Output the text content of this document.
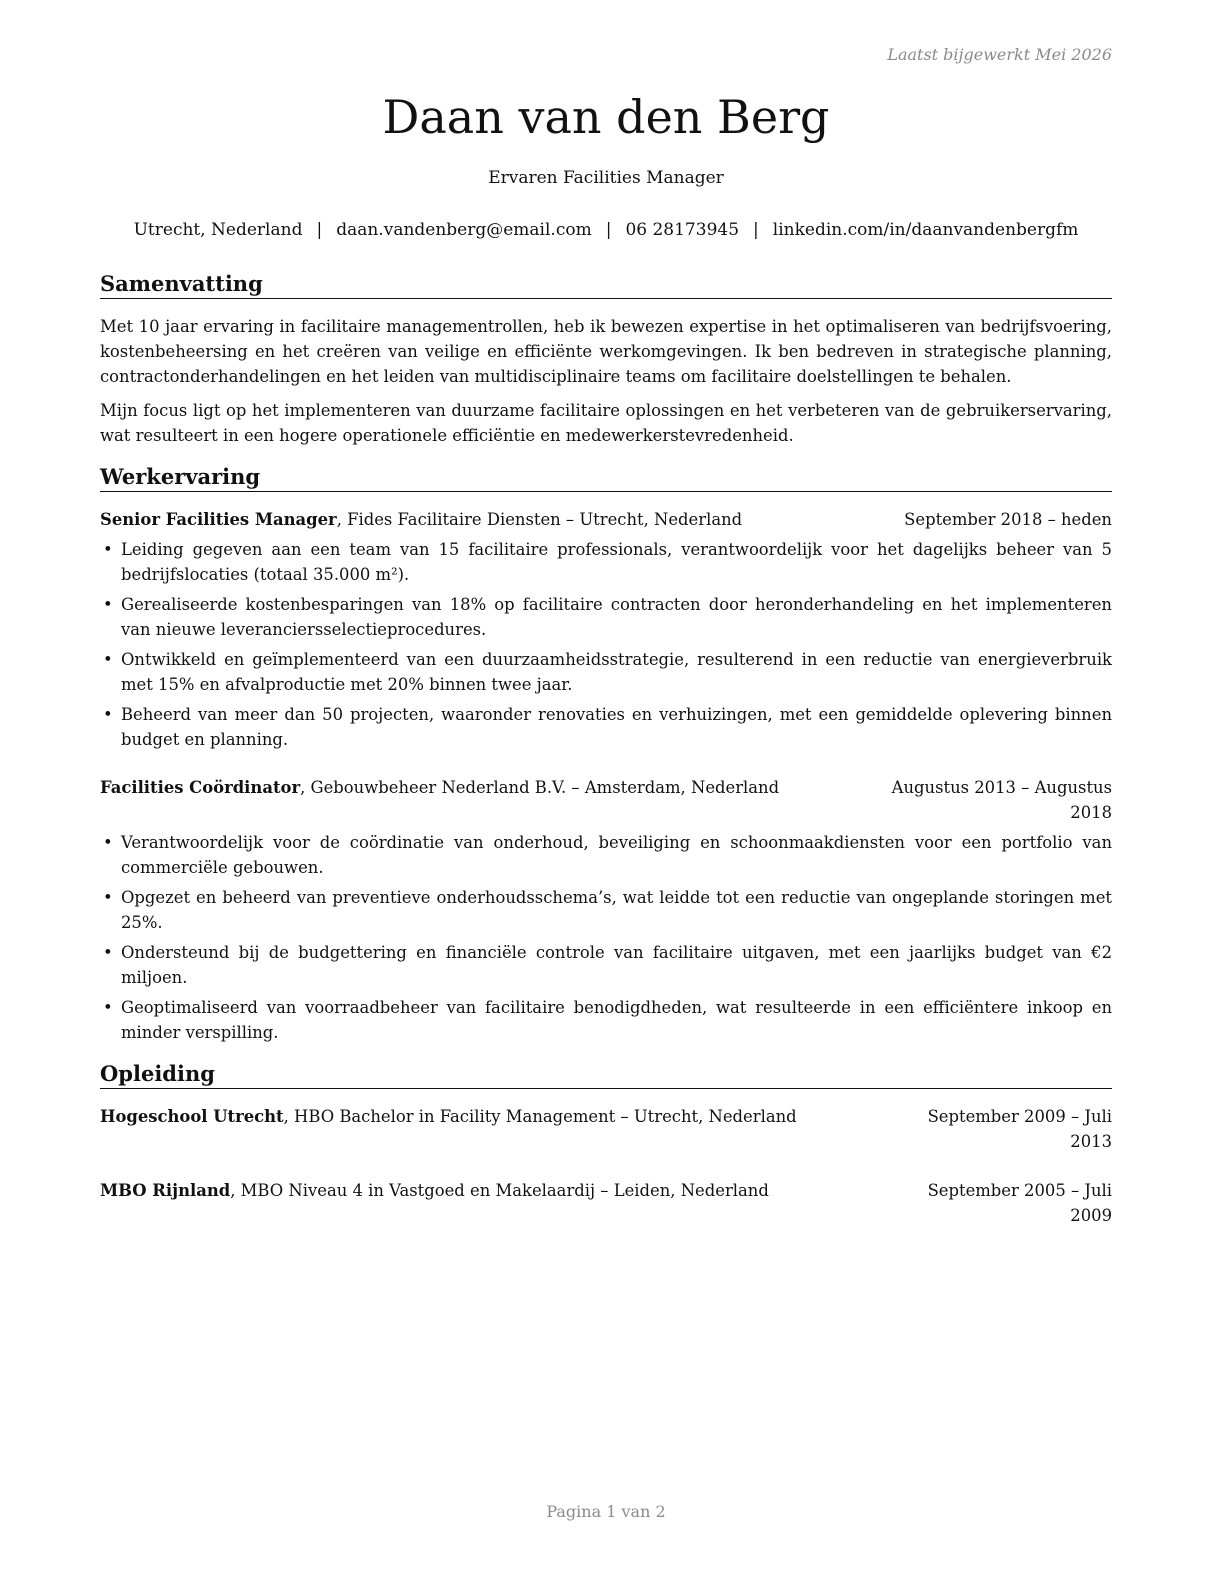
Laatst bijgewerkt Mei 2026
Daan van den Berg
Ervaren Facilities Manager
Utrecht, Nederland | daan.vandenberg@email.com | 06 28173945 | linkedin.com/in/daanvandenbergfm
Samenvatting
Met 10 jaar ervaring in facilitaire managementrollen, heb ik bewezen expertise in het optimaliseren van bedrijfsvoering, kostenbeheersing en het creëren van veilige en efficiënte werkomgevingen. Ik ben bedreven in strategische planning, contractonderhandelingen en het leiden van multidisciplinaire teams om facilitaire doelstellingen te behalen.
Mijn focus ligt op het implementeren van duurzame facilitaire oplossingen en het verbeteren van de gebruikerservaring, wat resulteert in een hogere operationele efficiëntie en medewerkerstevredenheid.
Werkervaring
Senior Facilities Manager, Fides Facilitaire Diensten – Utrecht, Nederland	September 2018 – heden
• Leiding gegeven aan een team van 15 facilitaire professionals, verantwoordelijk voor het dagelijks beheer van 5 bedrijfslocaties (totaal 35.000 m²).
• Gerealiseerde kostenbesparingen van 18% op facilitaire contracten door heronderhandeling en het implementeren van nieuwe leveranciersselectieprocedures.
• Ontwikkeld en geïmplementeerd van een duurzaamheidsstrategie, resulterend in een reductie van energieverbruik met 15% en afvalproductie met 20% binnen twee jaar.
• Beheerd van meer dan 50 projecten, waaronder renovaties en verhuizingen, met een gemiddelde oplevering binnen budget en planning.
Facilities Coördinator, Gebouwbeheer Nederland B.V. – Amsterdam, Nederland	Augustus 2013 – Augustus
2018
• Verantwoordelijk voor de coördinatie van onderhoud, beveiliging en schoonmaakdiensten voor een portfolio van commerciële gebouwen.
• Opgezet en beheerd van preventieve onderhoudsschema’s, wat leidde tot een reductie van ongeplande storingen met 25%.
• Ondersteund bij de budgettering en financiële controle van facilitaire uitgaven, met een jaarlijks budget van €2 miljoen.
• Geoptimaliseerd van voorraadbeheer van facilitaire benodigdheden, wat resulteerde in een efficiëntere inkoop en minder verspilling.
Opleiding
Hogeschool Utrecht, HBO Bachelor in Facility Management – Utrecht, Nederland	September 2009 – Juli
2013
MBO Rijnland, MBO Niveau 4 in Vastgoed en Makelaardij – Leiden, Nederland	September 2005 – Juli
2009
Pagina 1 van 2
